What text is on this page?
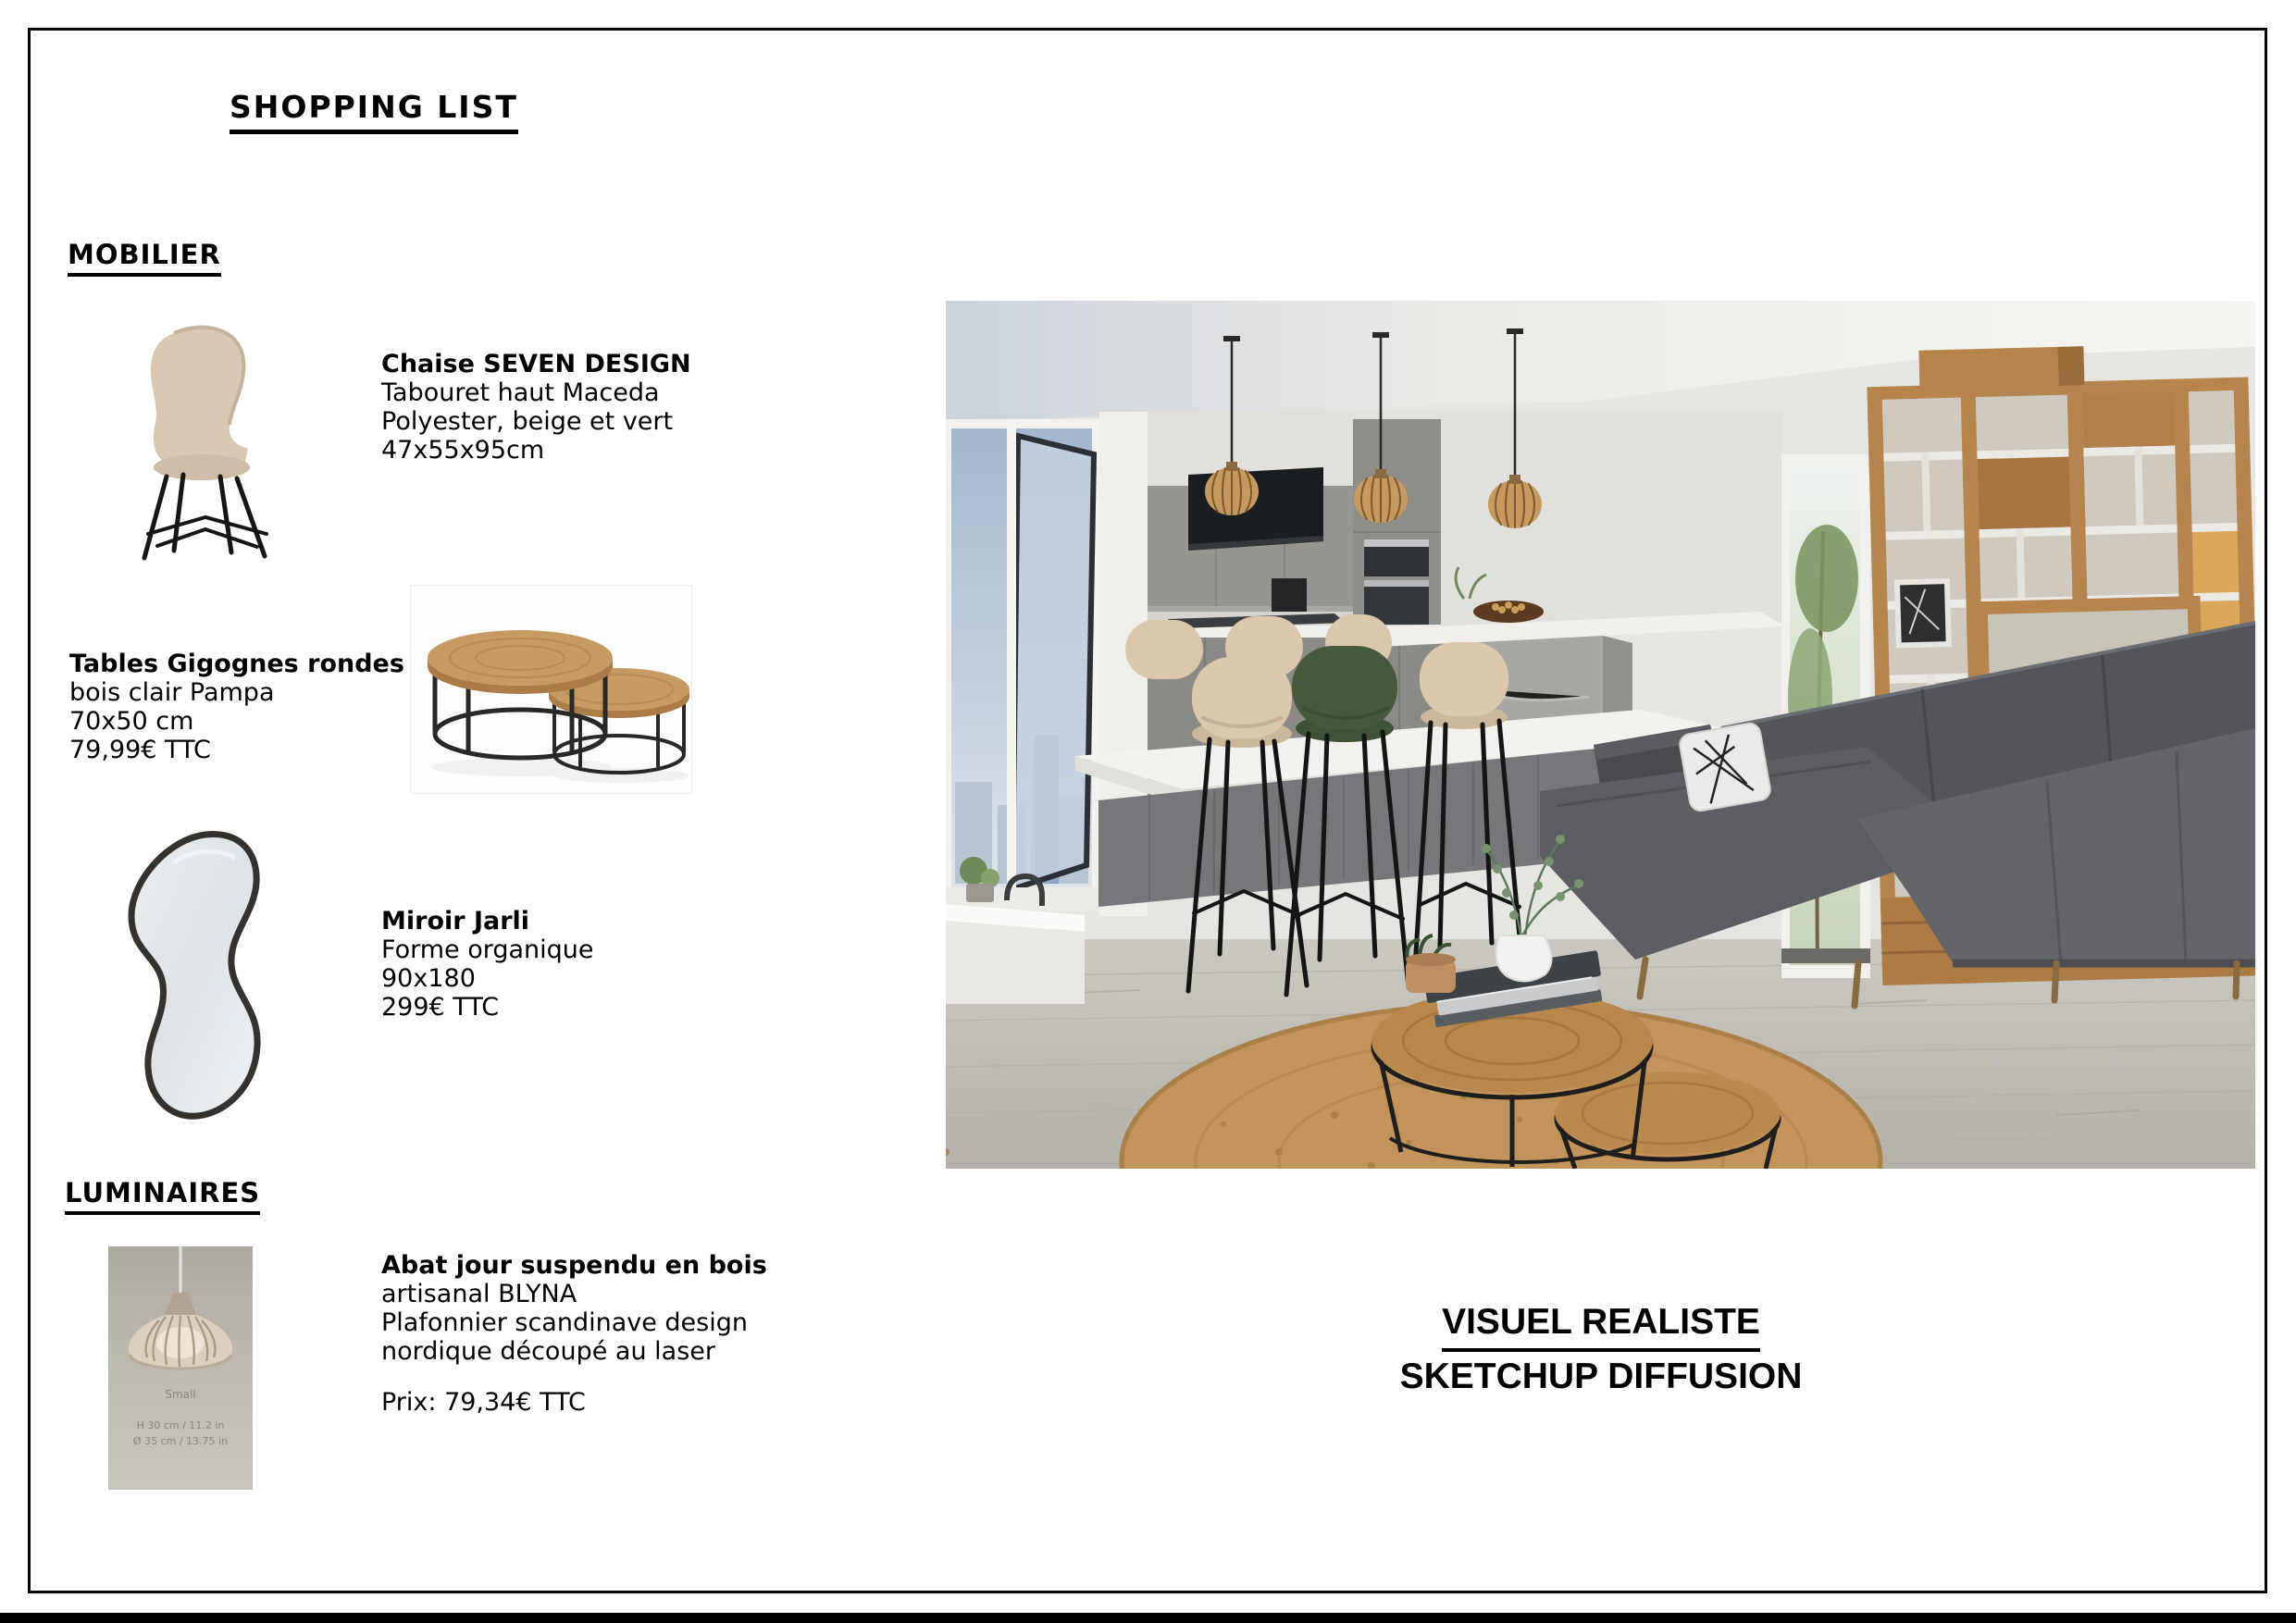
SHOPPING LIST
MOBILIER
LUMINAIRES
Chaise SEVEN DESIGN
Tabouret haut Maceda
Polyester, beige et vert
47x55x95cm
Tables Gigognes rondes
bois clair Pampa
70x50 cm
79,99€ TTC
Miroir Jarli
Forme organique
90x180
299€ TTC
Small
H 30 cm / 11.2 in
Ø 35 cm / 13.75 in
Abat jour suspendu en bois
artisanal BLYNA
Plafonnier scandinave design
nordique découpé au laser
Prix: 79,34€ TTC
VISUEL REALISTE
SKETCHUP DIFFUSION
